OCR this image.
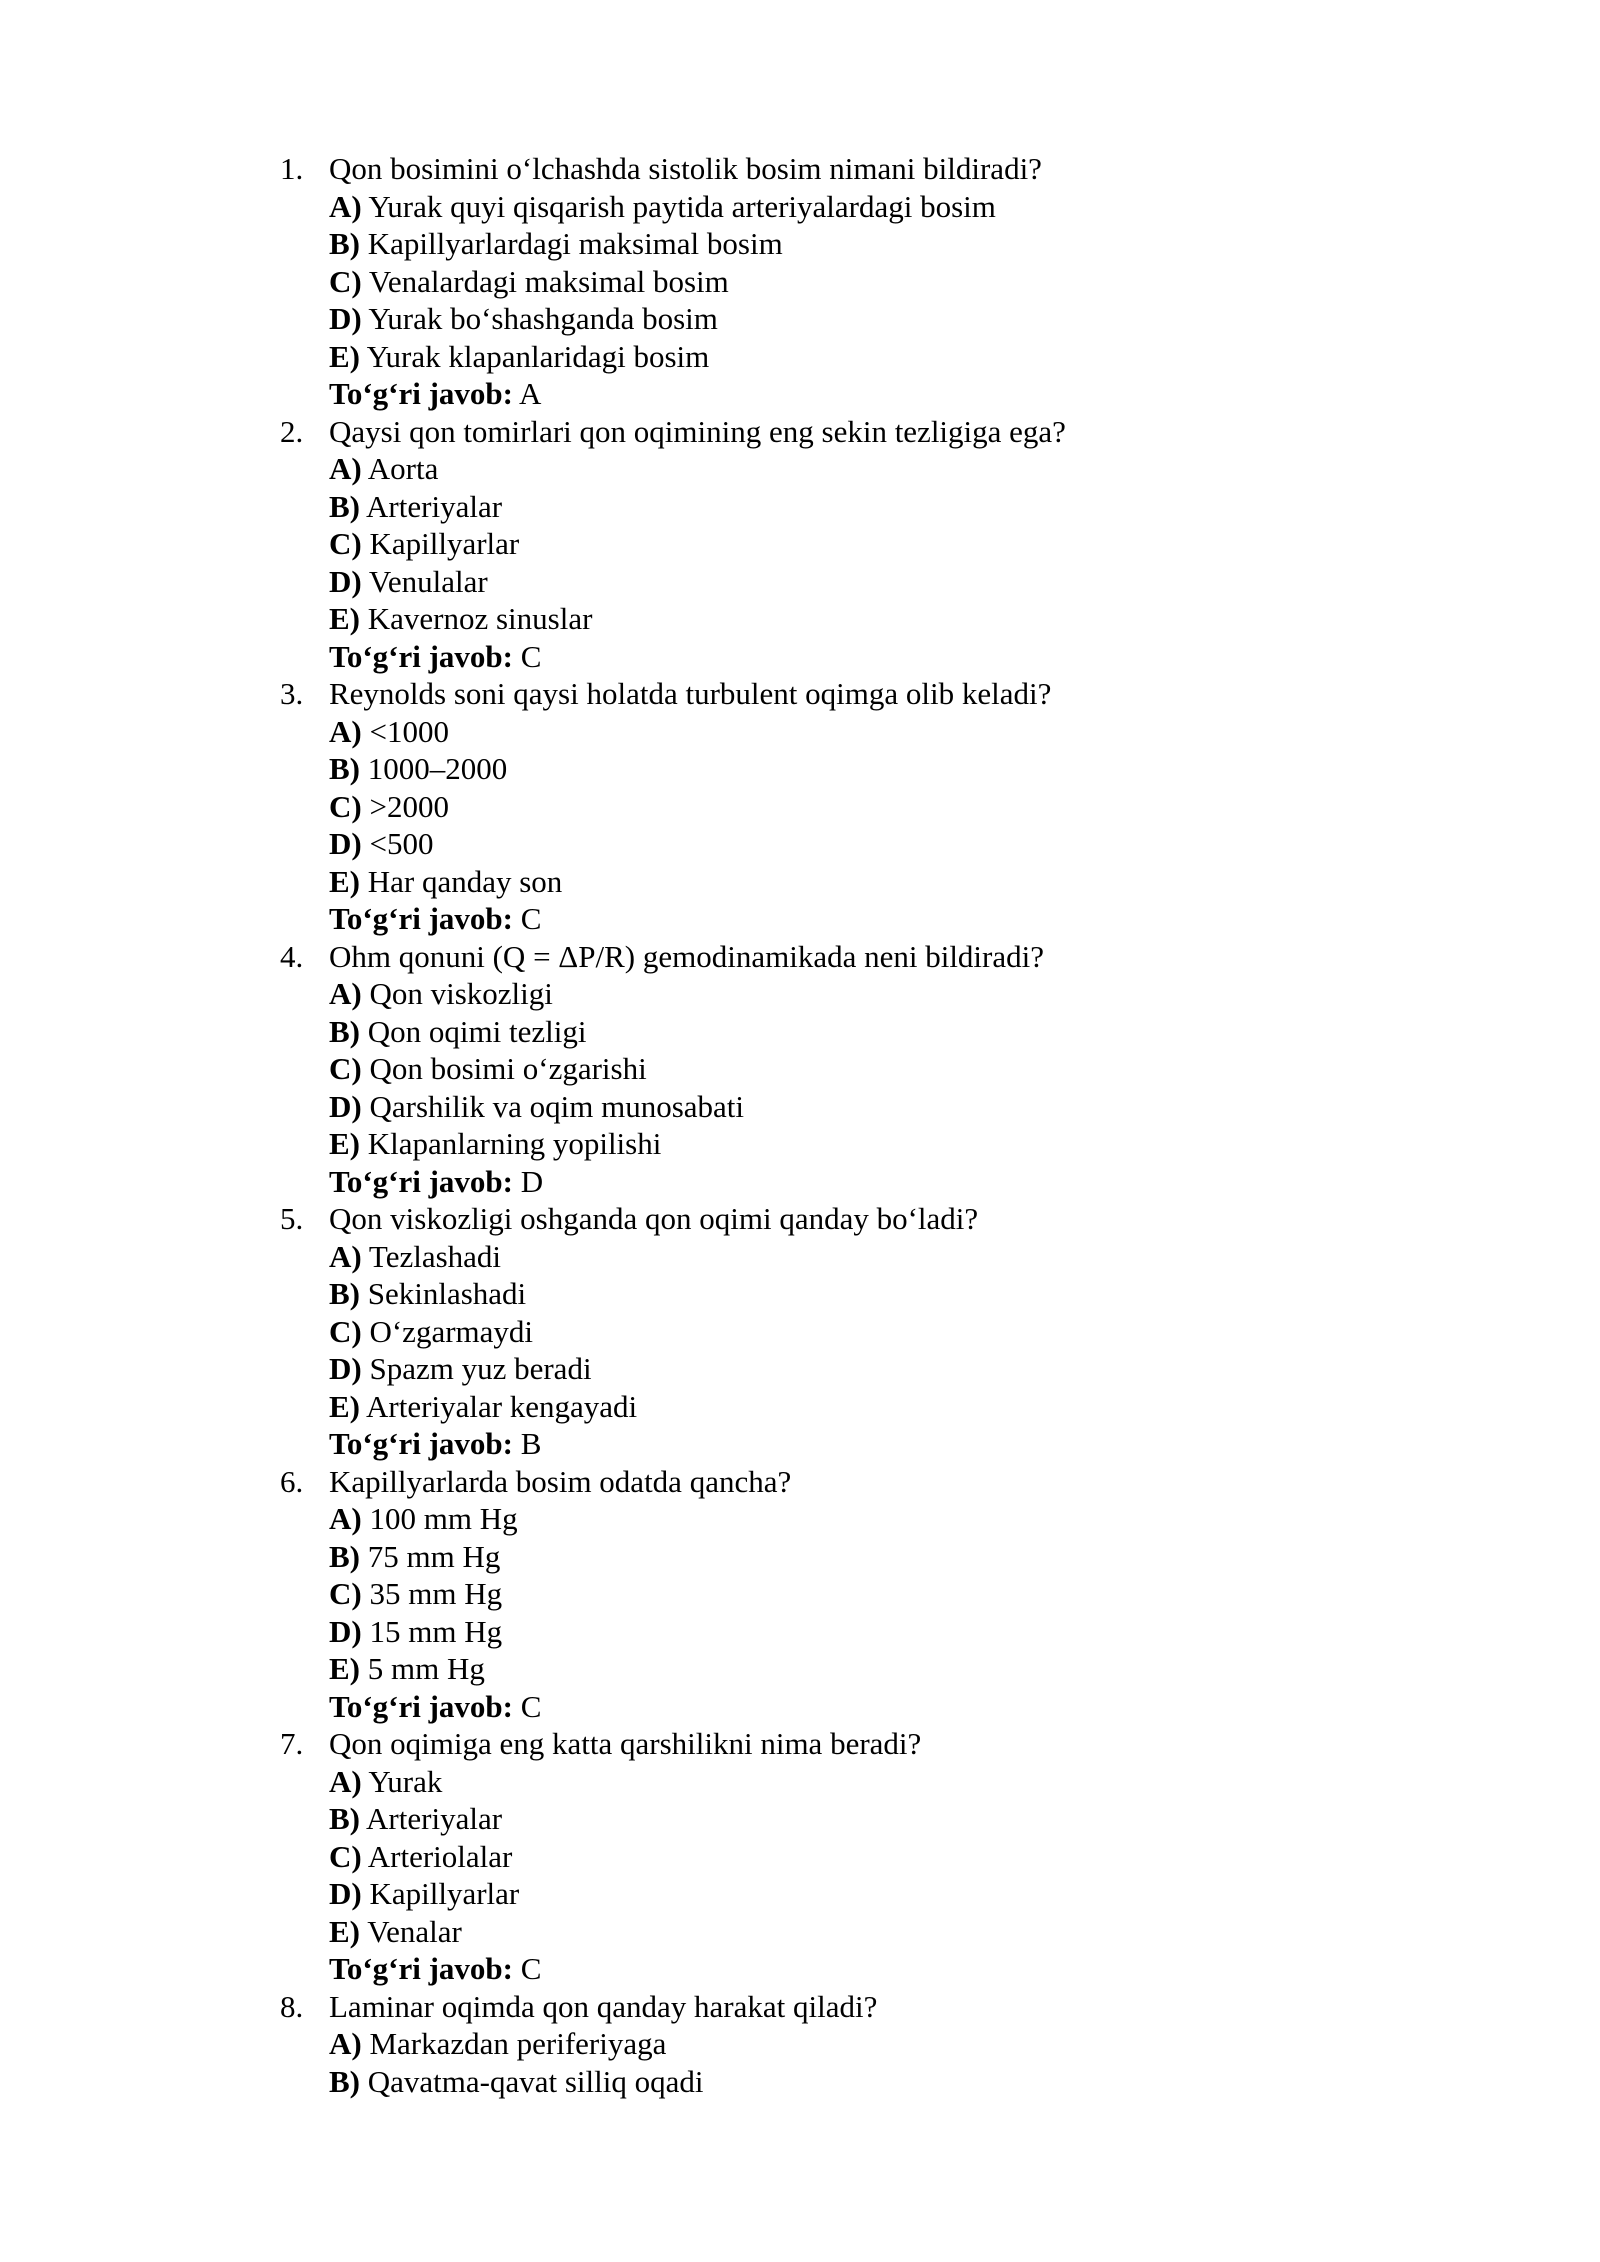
1. Qon bosimini o‘lchashda sistolik bosim nimani bildiradi?
A) Yurak quyi qisqarish paytida arteriyalardagi bosim
B) Kapillyarlardagi maksimal bosim
C) Venalardagi maksimal bosim
D) Yurak bo‘shashganda bosim
E) Yurak klapanlaridagi bosim
To‘g‘ri javob: A
2. Qaysi qon tomirlari qon oqimining eng sekin tezligiga ega?
A) Aorta
B) Arteriyalar
C) Kapillyarlar
D) Venulalar
E) Kavernoz sinuslar
To‘g‘ri javob: C
3. Reynolds soni qaysi holatda turbulent oqimga olib keladi?
A) <1000
B) 1000–2000
C) >2000
D) <500
E) Har qanday son
To‘g‘ri javob: C
4. Ohm qonuni (Q = ΔP/R) gemodinamikada neni bildiradi?
A) Qon viskozligi
B) Qon oqimi tezligi
C) Qon bosimi o‘zgarishi
D) Qarshilik va oqim munosabati
E) Klapanlarning yopilishi
To‘g‘ri javob: D
5. Qon viskozligi oshganda qon oqimi qanday bo‘ladi?
A) Tezlashadi
B) Sekinlashadi
C) O‘zgarmaydi
D) Spazm yuz beradi
E) Arteriyalar kengayadi
To‘g‘ri javob: B
6. Kapillyarlarda bosim odatda qancha?
A) 100 mm Hg
B) 75 mm Hg
C) 35 mm Hg
D) 15 mm Hg
E) 5 mm Hg
To‘g‘ri javob: C
7. Qon oqimiga eng katta qarshilikni nima beradi?
A) Yurak
B) Arteriyalar
C) Arteriolalar
D) Kapillyarlar
E) Venalar
To‘g‘ri javob: C
8. Laminar oqimda qon qanday harakat qiladi?
A) Markazdan periferiyaga
B) Qavatma-qavat silliq oqadi
